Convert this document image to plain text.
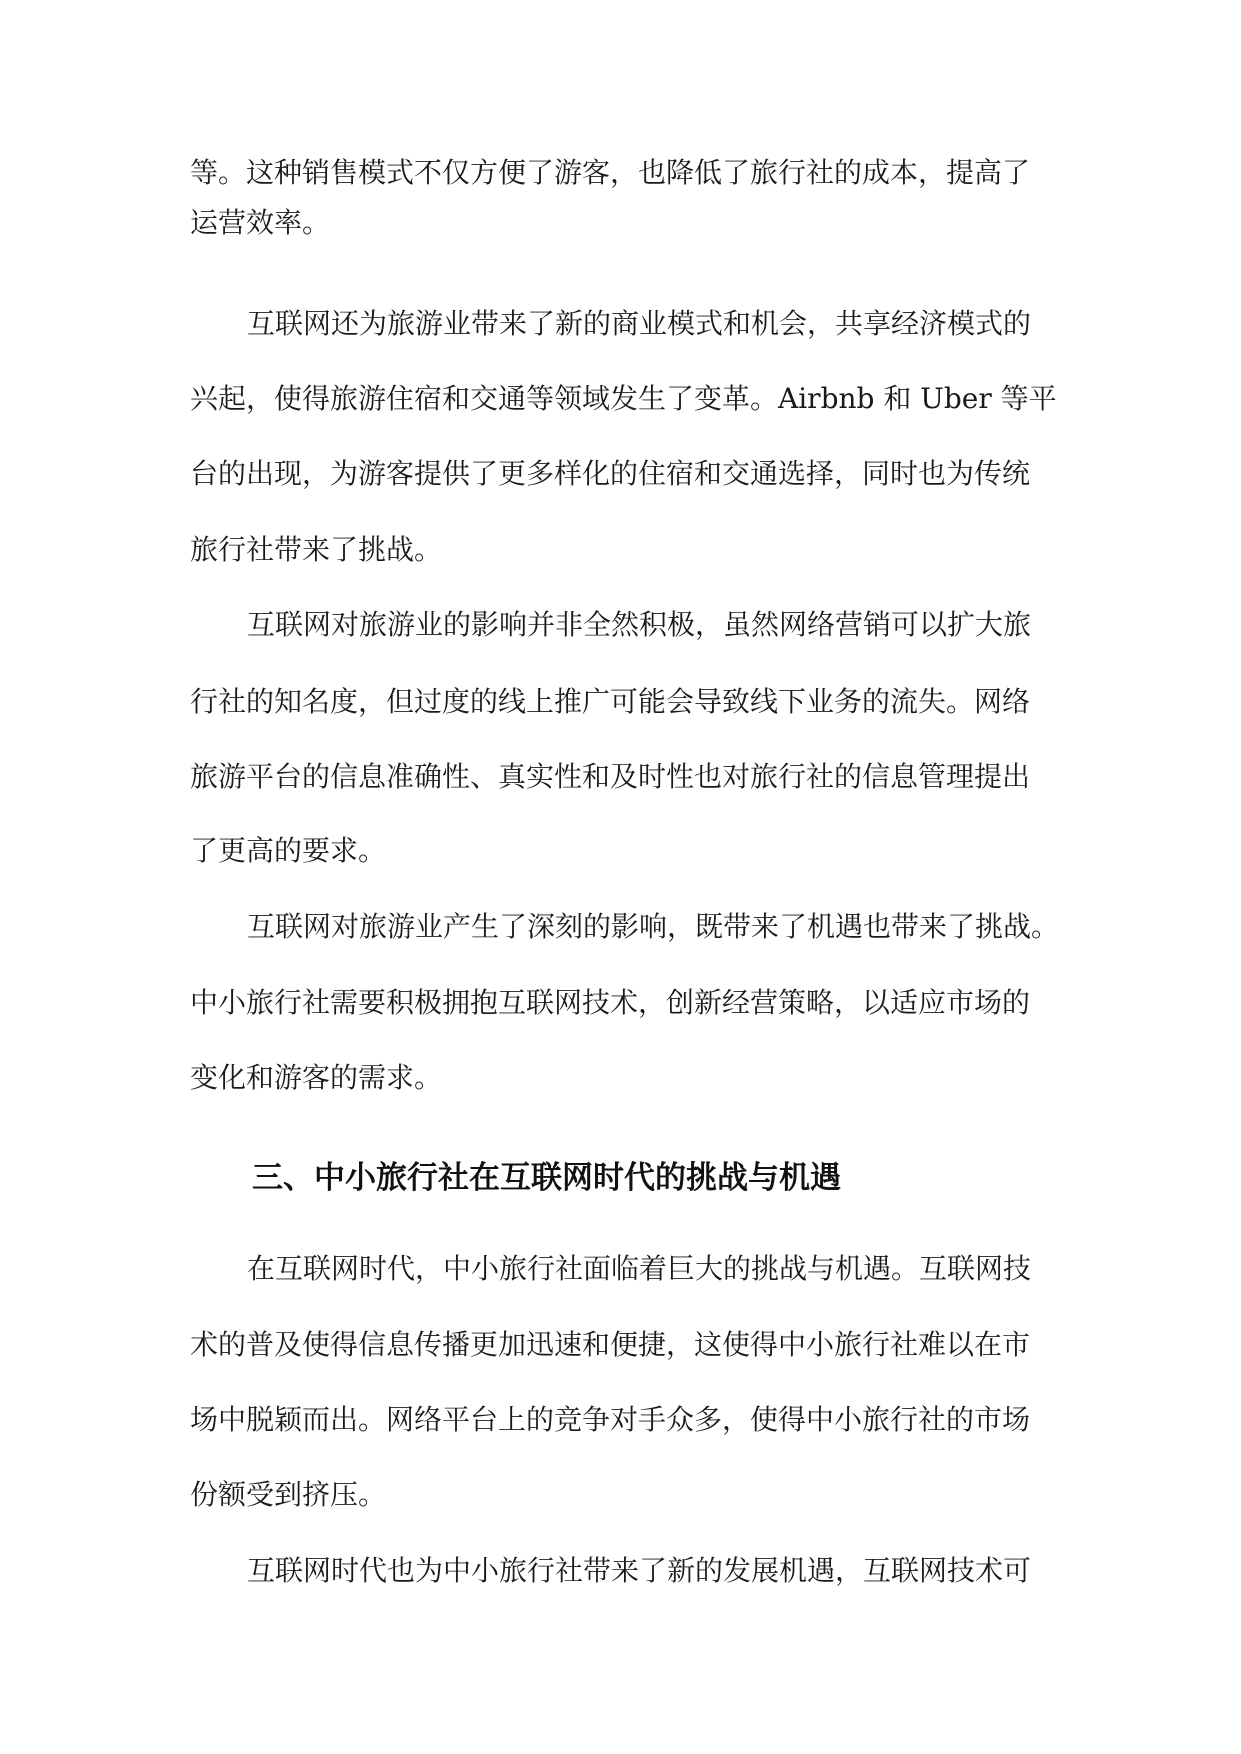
等。这种销售模式不仅方便了游客，也降低了旅行社的成本，提高了
运营效率。
互联网还为旅游业带来了新的商业模式和机会，共享经济模式的
兴起，使得旅游住宿和交通等领域发生了变革。Airbnb 和 Uber 等平
台的出现，为游客提供了更多样化的住宿和交通选择，同时也为传统
旅行社带来了挑战。
互联网对旅游业的影响并非全然积极，虽然网络营销可以扩大旅
行社的知名度，但过度的线上推广可能会导致线下业务的流失。网络
旅游平台的信息准确性、真实性和及时性也对旅行社的信息管理提出
了更高的要求。
互联网对旅游业产生了深刻的影响，既带来了机遇也带来了挑战。
中小旅行社需要积极拥抱互联网技术，创新经营策略，以适应市场的
变化和游客的需求。
三、中小旅行社在互联网时代的挑战与机遇
在互联网时代，中小旅行社面临着巨大的挑战与机遇。互联网技
术的普及使得信息传播更加迅速和便捷，这使得中小旅行社难以在市
场中脱颖而出。网络平台上的竞争对手众多，使得中小旅行社的市场
份额受到挤压。
互联网时代也为中小旅行社带来了新的发展机遇，互联网技术可
